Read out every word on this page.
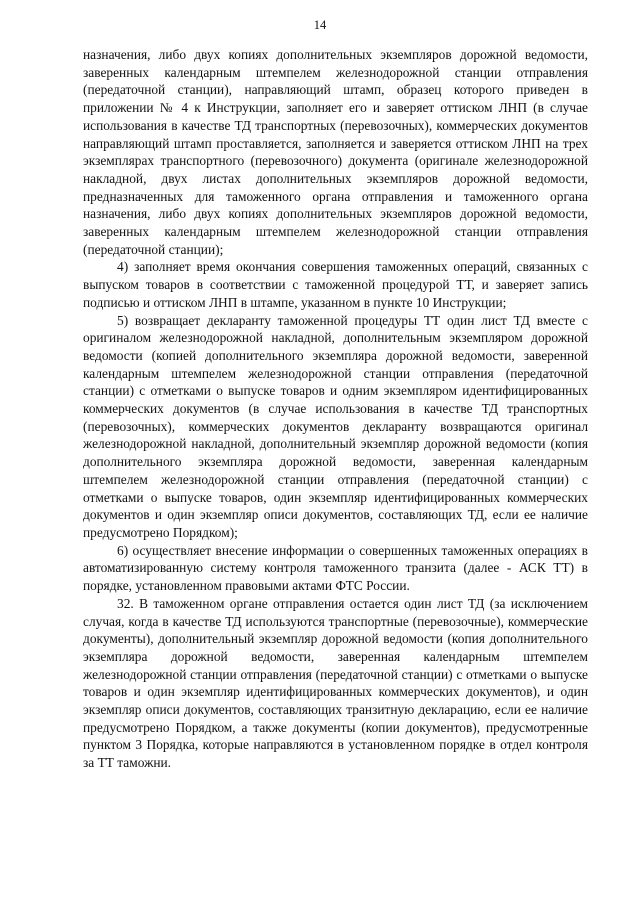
14

назначения, либо двух копиях дополнительных экземпляров дорожной ведомости, заверенных календарным штемпелем железнодорожной станции отправления (передаточной станции), направляющий штамп, образец которого приведен в приложении № 4 к Инструкции, заполняет его и заверяет оттиском ЛНП (в случае использования в качестве ТД транспортных (перевозочных), коммерческих документов направляющий штамп проставляется, заполняется и заверяется оттиском ЛНП на трех экземплярах транспортного (перевозочного) документа (оригинале железнодорожной накладной, двух листах дополнительных экземпляров дорожной ведомости, предназначенных для таможенного органа отправления и таможенного органа назначения, либо двух копиях дополнительных экземпляров дорожной ведомости, заверенных календарным штемпелем железнодорожной станции отправления (передаточной станции);

4) заполняет время окончания совершения таможенных операций, связанных с выпуском товаров в соответствии с таможенной процедурой ТТ, и заверяет запись подписью и оттиском ЛНП в штампе, указанном в пункте 10 Инструкции;

5) возвращает декларанту таможенной процедуры ТТ один лист ТД вместе с оригиналом железнодорожной накладной, дополнительным экземпляром дорожной ведомости (копией дополнительного экземпляра дорожной ведомости, заверенной календарным штемпелем железнодорожной станции отправления (передаточной станции) с отметками о выпуске товаров и одним экземпляром идентифицированных коммерческих документов (в случае использования в качестве ТД транспортных (перевозочных), коммерческих документов декларанту возвращаются оригинал железнодорожной накладной, дополнительный экземпляр дорожной ведомости (копия дополнительного экземпляра дорожной ведомости, заверенная календарным штемпелем железнодорожной станции отправления (передаточной станции) с отметками о выпуске товаров, один экземпляр идентифицированных коммерческих документов и один экземпляр описи документов, составляющих ТД, если ее наличие предусмотрено Порядком);

6) осуществляет внесение информации о совершенных таможенных операциях в автоматизированную систему контроля таможенного транзита (далее - АСК ТТ) в порядке, установленном правовыми актами ФТС России.

32. В таможенном органе отправления остается один лист ТД (за исключением случая, когда в качестве ТД используются транспортные (перевозочные), коммерческие документы), дополнительный экземпляр дорожной ведомости (копия дополнительного экземпляра дорожной ведомости, заверенная календарным штемпелем железнодорожной станции отправления (передаточной станции) с отметками о выпуске товаров и один экземпляр идентифицированных коммерческих документов), и один экземпляр описи документов, составляющих транзитную декларацию, если ее наличие предусмотрено Порядком, а также документы (копии документов), предусмотренные пунктом 3 Порядка, которые направляются в установленном порядке в отдел контроля за ТТ таможни.
